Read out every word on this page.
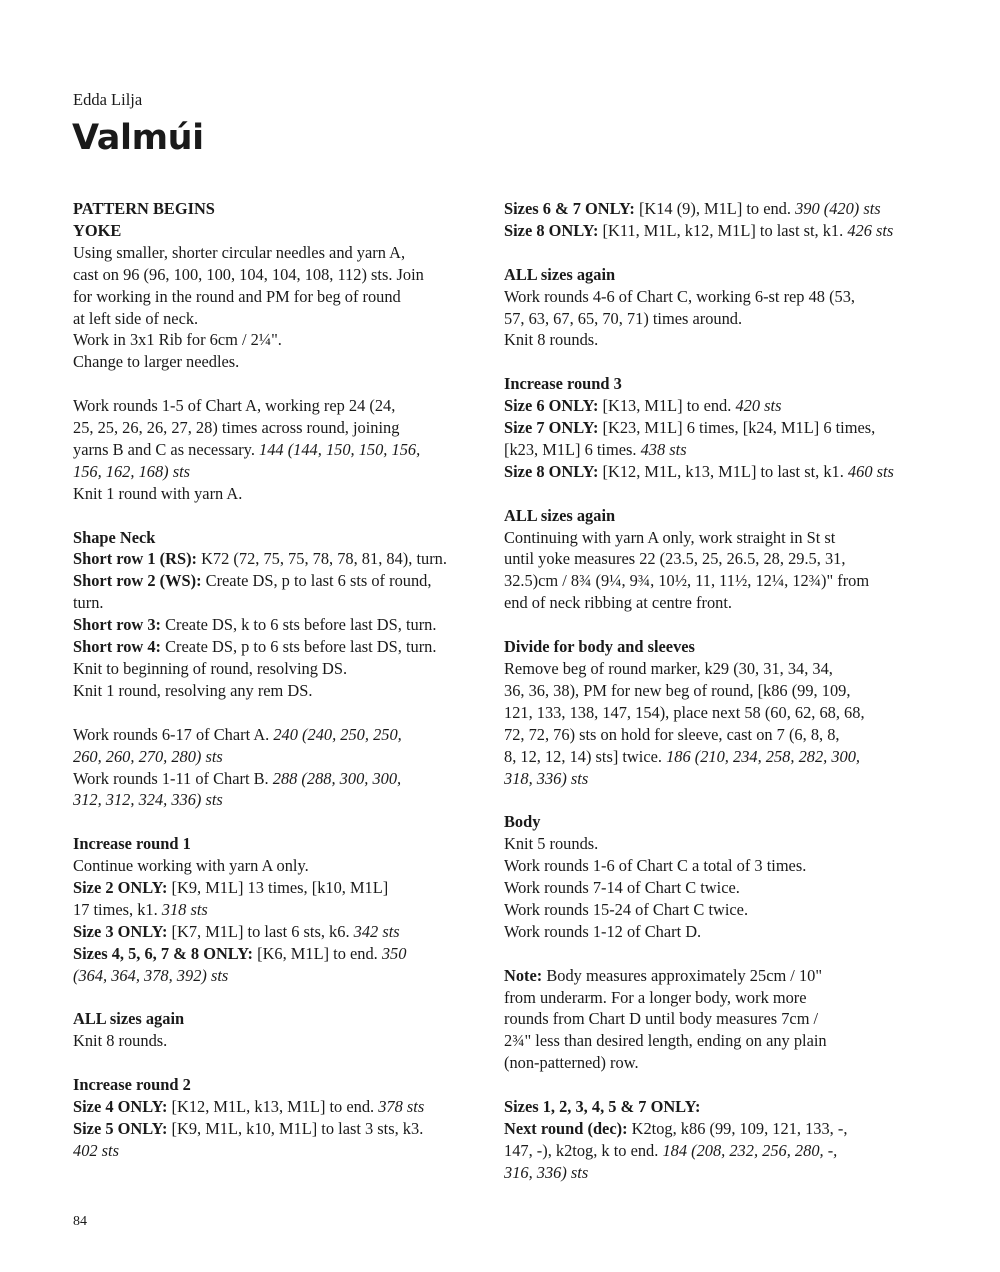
Edda Lilja
Valmúi
PATTERN BEGINS
YOKE
Using smaller, shorter circular needles and yarn A,
cast on 96 (96, 100, 100, 104, 104, 108, 112) sts. Join
for working in the round and PM for beg of round
at left side of neck.
Work in 3x1 Rib for 6cm / 2¼".
Change to larger needles.
Work rounds 1-5 of Chart A, working rep 24 (24,
25, 25, 26, 26, 27, 28) times across round, joining
yarns B and C as necessary. 144 (144, 150, 150, 156,
156, 162, 168) sts
Knit 1 round with yarn A.
Shape Neck
Short row 1 (RS): K72 (72, 75, 75, 78, 78, 81, 84), turn.
Short row 2 (WS): Create DS, p to last 6 sts of round,
turn.
Short row 3: Create DS, k to 6 sts before last DS, turn.
Short row 4: Create DS, p to 6 sts before last DS, turn.
Knit to beginning of round, resolving DS.
Knit 1 round, resolving any rem DS.
Work rounds 6-17 of Chart A. 240 (240, 250, 250,
260, 260, 270, 280) sts
Work rounds 1-11 of Chart B. 288 (288, 300, 300,
312, 312, 324, 336) sts
Increase round 1
Continue working with yarn A only.
Size 2 ONLY: [K9, M1L] 13 times, [k10, M1L]
17 times, k1. 318 sts
Size 3 ONLY: [K7, M1L] to last 6 sts, k6. 342 sts
Sizes 4, 5, 6, 7 & 8 ONLY: [K6, M1L] to end. 350
(364, 364, 378, 392) sts
ALL sizes again
Knit 8 rounds.
Increase round 2
Size 4 ONLY: [K12, M1L, k13, M1L] to end. 378 sts
Size 5 ONLY: [K9, M1L, k10, M1L] to last 3 sts, k3.
402 sts
Sizes 6 & 7 ONLY: [K14 (9), M1L] to end. 390 (420) sts
Size 8 ONLY: [K11, M1L, k12, M1L] to last st, k1. 426 sts
ALL sizes again
Work rounds 4-6 of Chart C, working 6-st rep 48 (53,
57, 63, 67, 65, 70, 71) times around.
Knit 8 rounds.
Increase round 3
Size 6 ONLY: [K13, M1L] to end. 420 sts
Size 7 ONLY: [K23, M1L] 6 times, [k24, M1L] 6 times,
[k23, M1L] 6 times. 438 sts
Size 8 ONLY: [K12, M1L, k13, M1L] to last st, k1. 460 sts
ALL sizes again
Continuing with yarn A only, work straight in St st
until yoke measures 22 (23.5, 25, 26.5, 28, 29.5, 31,
32.5)cm / 8¾ (9¼, 9¾, 10½, 11, 11½, 12¼, 12¾)" from
end of neck ribbing at centre front.
Divide for body and sleeves
Remove beg of round marker, k29 (30, 31, 34, 34,
36, 36, 38), PM for new beg of round, [k86 (99, 109,
121, 133, 138, 147, 154), place next 58 (60, 62, 68, 68,
72, 72, 76) sts on hold for sleeve, cast on 7 (6, 8, 8,
8, 12, 12, 14) sts] twice. 186 (210, 234, 258, 282, 300,
318, 336) sts
Body
Knit 5 rounds.
Work rounds 1-6 of Chart C a total of 3 times.
Work rounds 7-14 of Chart C twice.
Work rounds 15-24 of Chart C twice.
Work rounds 1-12 of Chart D.
Note: Body measures approximately 25cm / 10"
from underarm. For a longer body, work more
rounds from Chart D until body measures 7cm /
2¾" less than desired length, ending on any plain
(non-patterned) row.
Sizes 1, 2, 3, 4, 5 & 7 ONLY:
Next round (dec): K2tog, k86 (99, 109, 121, 133, -,
147, -), k2tog, k to end. 184 (208, 232, 256, 280, -,
316, 336) sts
84
